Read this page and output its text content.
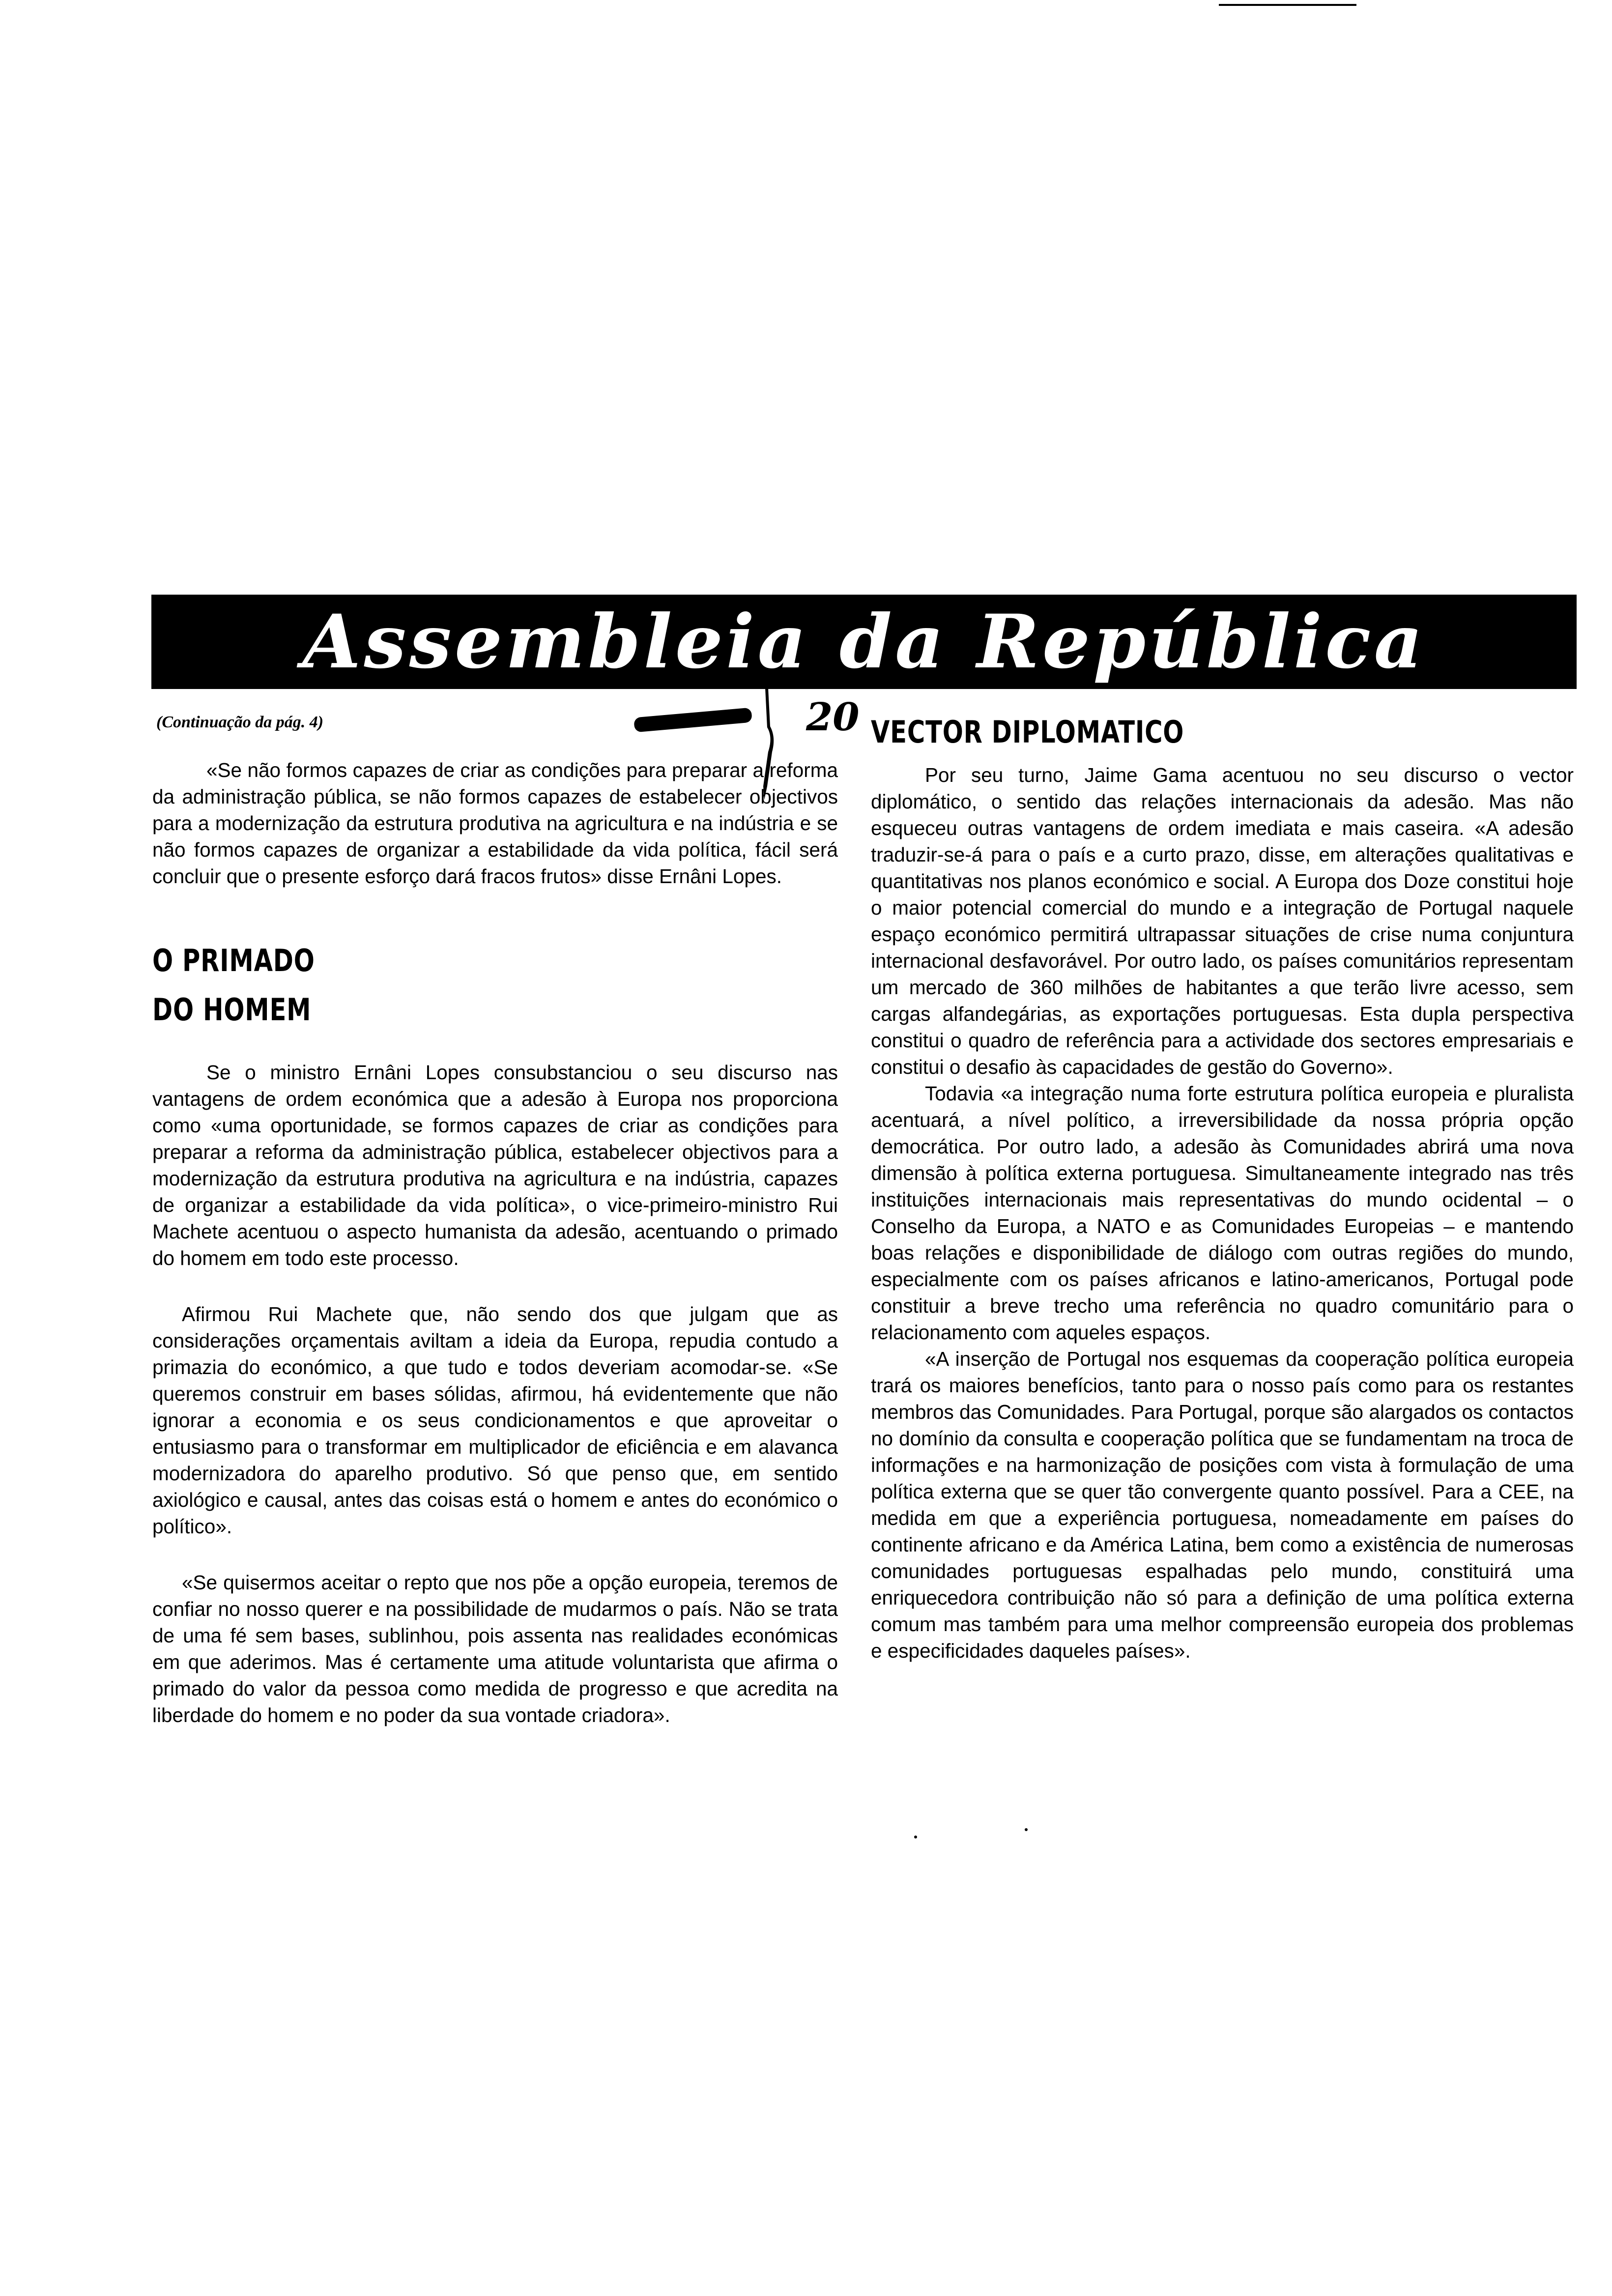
Assembleia da República
20
(Continuação da pág. 4)

«Se não formos capazes de criar as condições para preparar a reforma da administração pública, se não formos capazes de estabelecer objectivos para a modernização da estrutura produtiva na agricultura e na indústria e se não formos capazes de organizar a estabilidade da vida política, fácil será concluir que o presente esforço dará fracos frutos» disse Ernâni Lopes.

O PRIMADO
DO HOMEM

Se o ministro Ernâni Lopes consubstanciou o seu discurso nas vantagens de ordem económica que a adesão à Europa nos proporciona como «uma oportunidade, se formos capazes de criar as condições para preparar a reforma da administração pública, estabelecer objectivos para a modernização da estrutura produtiva na agricultura e na indústria, capazes de organizar a estabilidade da vida política», o vice-primeiro-ministro Rui Machete acentuou o aspecto humanista da adesão, acentuando o primado do homem em todo este processo.

Afirmou Rui Machete que, não sendo dos que julgam que as considerações orçamentais aviltam a ideia da Europa, repudia contudo a primazia do económico, a que tudo e todos deveriam acomodar-se. «Se queremos construir em bases sólidas, afirmou, há evidentemente que não ignorar a economia e os seus condicionamentos e que aproveitar o entusiasmo para o transformar em multiplicador de eficiência e em alavanca modernizadora do aparelho produtivo. Só que penso que, em sentido axiológico e causal, antes das coisas está o homem e antes do económico o político».

«Se quisermos aceitar o repto que nos põe a opção europeia, teremos de confiar no nosso querer e na possibilidade de mudarmos o país. Não se trata de uma fé sem bases, sublinhou, pois assenta nas realidades económicas em que aderimos. Mas é certamente uma atitude voluntarista que afirma o primado do valor da pessoa como medida de progresso e que acredita na liberdade do homem e no poder da sua vontade criadora».

VECTOR DIPLOMATICO

Por seu turno, Jaime Gama acentuou no seu discurso o vector diplomático, o sentido das relações internacionais da adesão. Mas não esqueceu outras vantagens de ordem imediata e mais caseira. «A adesão traduzir-se-á para o país e a curto prazo, disse, em alterações qualitativas e quantitativas nos planos económico e social. A Europa dos Doze constitui hoje o maior potencial comercial do mundo e a integração de Portugal naquele espaço económico permitirá ultrapassar situações de crise numa conjuntura internacional desfavorável. Por outro lado, os países comunitários representam um mercado de 360 milhões de habitantes a que terão livre acesso, sem cargas alfandegárias, as exportações portuguesas. Esta dupla perspectiva constitui o quadro de referência para a actividade dos sectores empresariais e constitui o desafio às capacidades de gestão do Governo».

Todavia «a integração numa forte estrutura política europeia e pluralista acentuará, a nível político, a irreversibilidade da nossa própria opção democrática. Por outro lado, a adesão às Comunidades abrirá uma nova dimensão à política externa portuguesa. Simultaneamente integrado nas três instituições internacionais mais representativas do mundo ocidental – o Conselho da Europa, a NATO e as Comunidades Europeias – e mantendo boas relações e disponibilidade de diálogo com outras regiões do mundo, especialmente com os países africanos e latino-americanos, Portugal pode constituir a breve trecho uma referência no quadro comunitário para o relacionamento com aqueles espaços.

«A inserção de Portugal nos esquemas da cooperação política europeia trará os maiores benefícios, tanto para o nosso país como para os restantes membros das Comunidades. Para Portugal, porque são alargados os contactos no domínio da consulta e cooperação política que se fundamentam na troca de informações e na harmonização de posições com vista à formulação de uma política externa que se quer tão convergente quanto possível. Para a CEE, na medida em que a experiência portuguesa, nomeadamente em países do continente africano e da América Latina, bem como a existência de numerosas comunidades portuguesas espalhadas pelo mundo, constituirá uma enriquecedora contribuição não só para a definição de uma política externa comum mas também para uma melhor compreensão europeia dos problemas e especificidades daqueles países».
